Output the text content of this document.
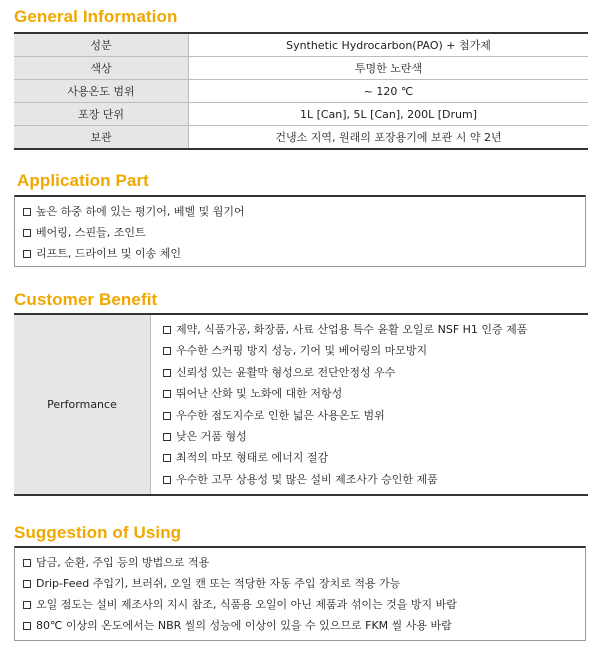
General Information
성분	Synthetic Hydrocarbon(PAO) + 첨가제
색상	투명한 노란색
사용온도 범위	~ 120 ℃
포장 단위	1L [Can], 5L [Can], 200L [Drum]
보관	건냉소 지역, 원래의 포장용기에 보관 시 약 2년
Application Part
높은 하중 하에 있는 평기어, 베벨 및 웜기어
베어링, 스핀들, 조인트
리프트, 드라이브 및 이송 체인
Customer Benefit
Performance	
제약, 식품가공, 화장품, 사료 산업용 특수 윤활 오일로 NSF H1 인증 제품
우수한 스커핑 방지 성능, 기어 및 베어링의 마모방지
신뢰성 있는 윤활막 형성으로 전단안정성 우수
뛰어난 산화 및 노화에 대한 저항성
우수한 점도지수로 인한 넓은 사용온도 범위
낮은 거품 형성
최적의 마모 형태로 에너지 절감
우수한 고무 상용성 및 많은 설비 제조사가 승인한 제품
Suggestion of Using
담금, 순환, 주입 등의 방법으로 적용
Drip-Feed 주입기, 브러쉬, 오일 캔 또는 적당한 자동 주입 장치로 적용 가능
오일 점도는 설비 제조사의 지시 참조, 식품용 오일이 아닌 제품과 섞이는 것을 방지 바람
80℃ 이상의 온도에서는 NBR 씰의 성능에 이상이 있을 수 있으므로 FKM 씰 사용 바람
